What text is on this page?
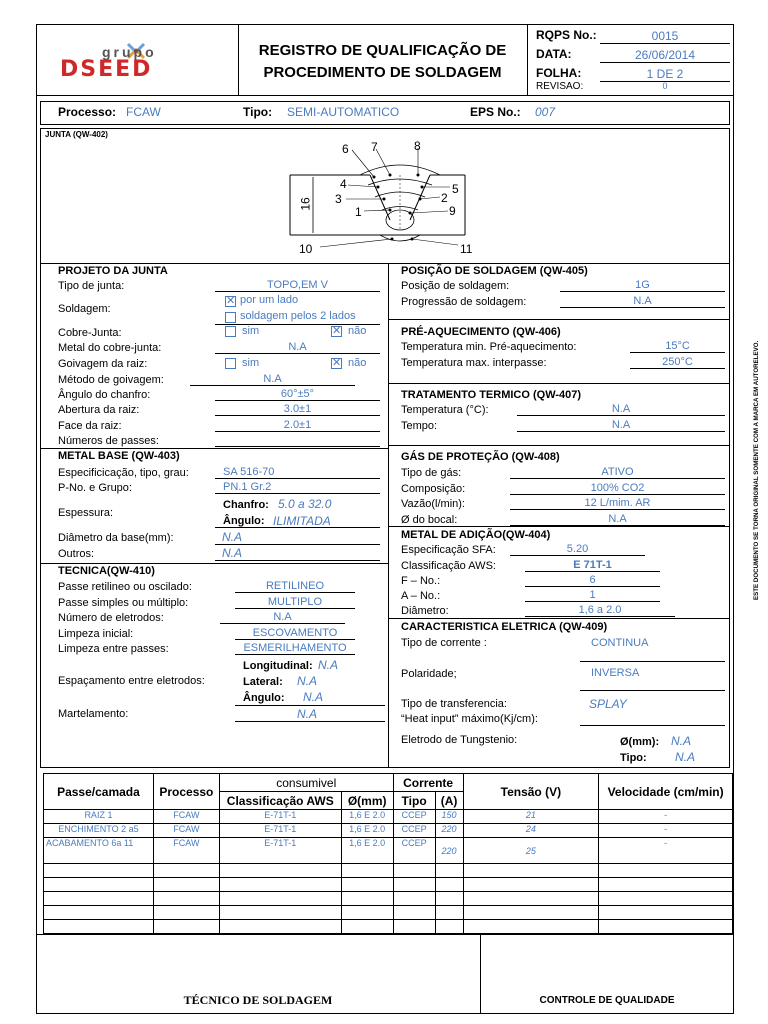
grupo
DSEED
REGISTRO DE QUALIFICAÇÃO DE
PROCEDIMENTO DE SOLDAGEM
RQPS No.:	0015
DATA:	26/06/2014
FOLHA:	1 DE 2
REVISAO:	0
Processo: FCAW	Tipo: SEMI-AUTOMATICO	EPS No.: 007
JUNTA (QW-402)
6 7	8
4	5
3	2
1	9
10	11
16
PROJETO DA JUNTA
Tipo de junta:	TOPO,EM V
Soldagem:
✕ por um lado
soldagem pelos 2 lados
Cobre-Junta:	sim	✕ não
Metal do cobre-junta:	N.A
Goivagem da raiz:	sim	✕ não
Método de goivagem:	N.A
Ângulo do chanfro:	60°±5°
Abertura da raiz:	3.0±1
Face da raiz:	2.0±1
Números de passes:
POSIÇÃO DE SOLDAGEM (QW-405)
Posição de soldagem:	1G
Progressão de soldagem:	N.A
PRÉ-AQUECIMENTO (QW-406)
Temperatura min. Pré-aquecimento:	15°C
Temperatura max. interpasse:	250°C
TRATAMENTO TERMICO (QW-407)
Temperatura (°C):	N.A
Tempo:	N.A
METAL BASE (QW-403)
Especificicação, tipo, grau:	SA 516-70
P-No. e Grupo:	PN.1 Gr.2
Espessura:
Chanfro: 5.0 a 32.0
Ângulo: ILIMITADA
Diâmetro da base(mm):	N.A
Outros:	N.A
GÁS DE PROTEÇÃO (QW-408)
Tipo de gás:	ATIVO
Composição:	100% CO2
Vazão(l/min):	12 L/mim. AR
Ø do bocal:	N.A
METAL DE ADIÇÃO(QW-404)
Especificação SFA:	5.20
Classificação AWS:	E 71T-1
F – No.:	6
A – No.:	1
Diâmetro:	1,6 a 2.0
TECNICA(QW-410)
Passe retilineo ou oscilado:	RETILINEO
Passe simples ou múltiplo:	MULTIPLO
Número de eletrodos:	N.A
Limpeza inicial:	ESCOVAMENTO
Limpeza entre passes:	ESMERILHAMENTO
Longitudinal: N.A
Espaçamento entre eletrodos:	Lateral: N.A
Ângulo: N.A
Martelamento:	N.A
CARACTERISTICA ELETRICA (QW-409)
Tipo de corrente :	CONTINUA
Polaridade;	INVERSA
Tipo de transferencia:	SPLAY
“Heat input” máximo(Kj/cm):
Eletrodo de Tungstenio:	Ø(mm): N.A
Tipo: N.A
ESTE DOCUMENTO SE TORNA ORIGINAL SOMENTE COM A MARCA EM AUTORELEVO.
Passe/camada	Processo	consumivel		Corrente		Tensão (V)	Velocidade (cm/min)
		Classificação AWS	Ø(mm)	Tipo	(A)		
RAIZ 1	FCAW	E-71T-1	1,6 E 2.0	CCEP	150	21	-
ENCHIMENTO 2 a5	FCAW	E-71T-1	1,6 E 2.0	CCEP	220	24	-
ACABAMENTO 6a 11	FCAW	E-71T-1	1,6 E 2.0	CCEP	220	25	-

TÉCNICO DE SOLDAGEM	CONTROLE DE QUALIDADE
